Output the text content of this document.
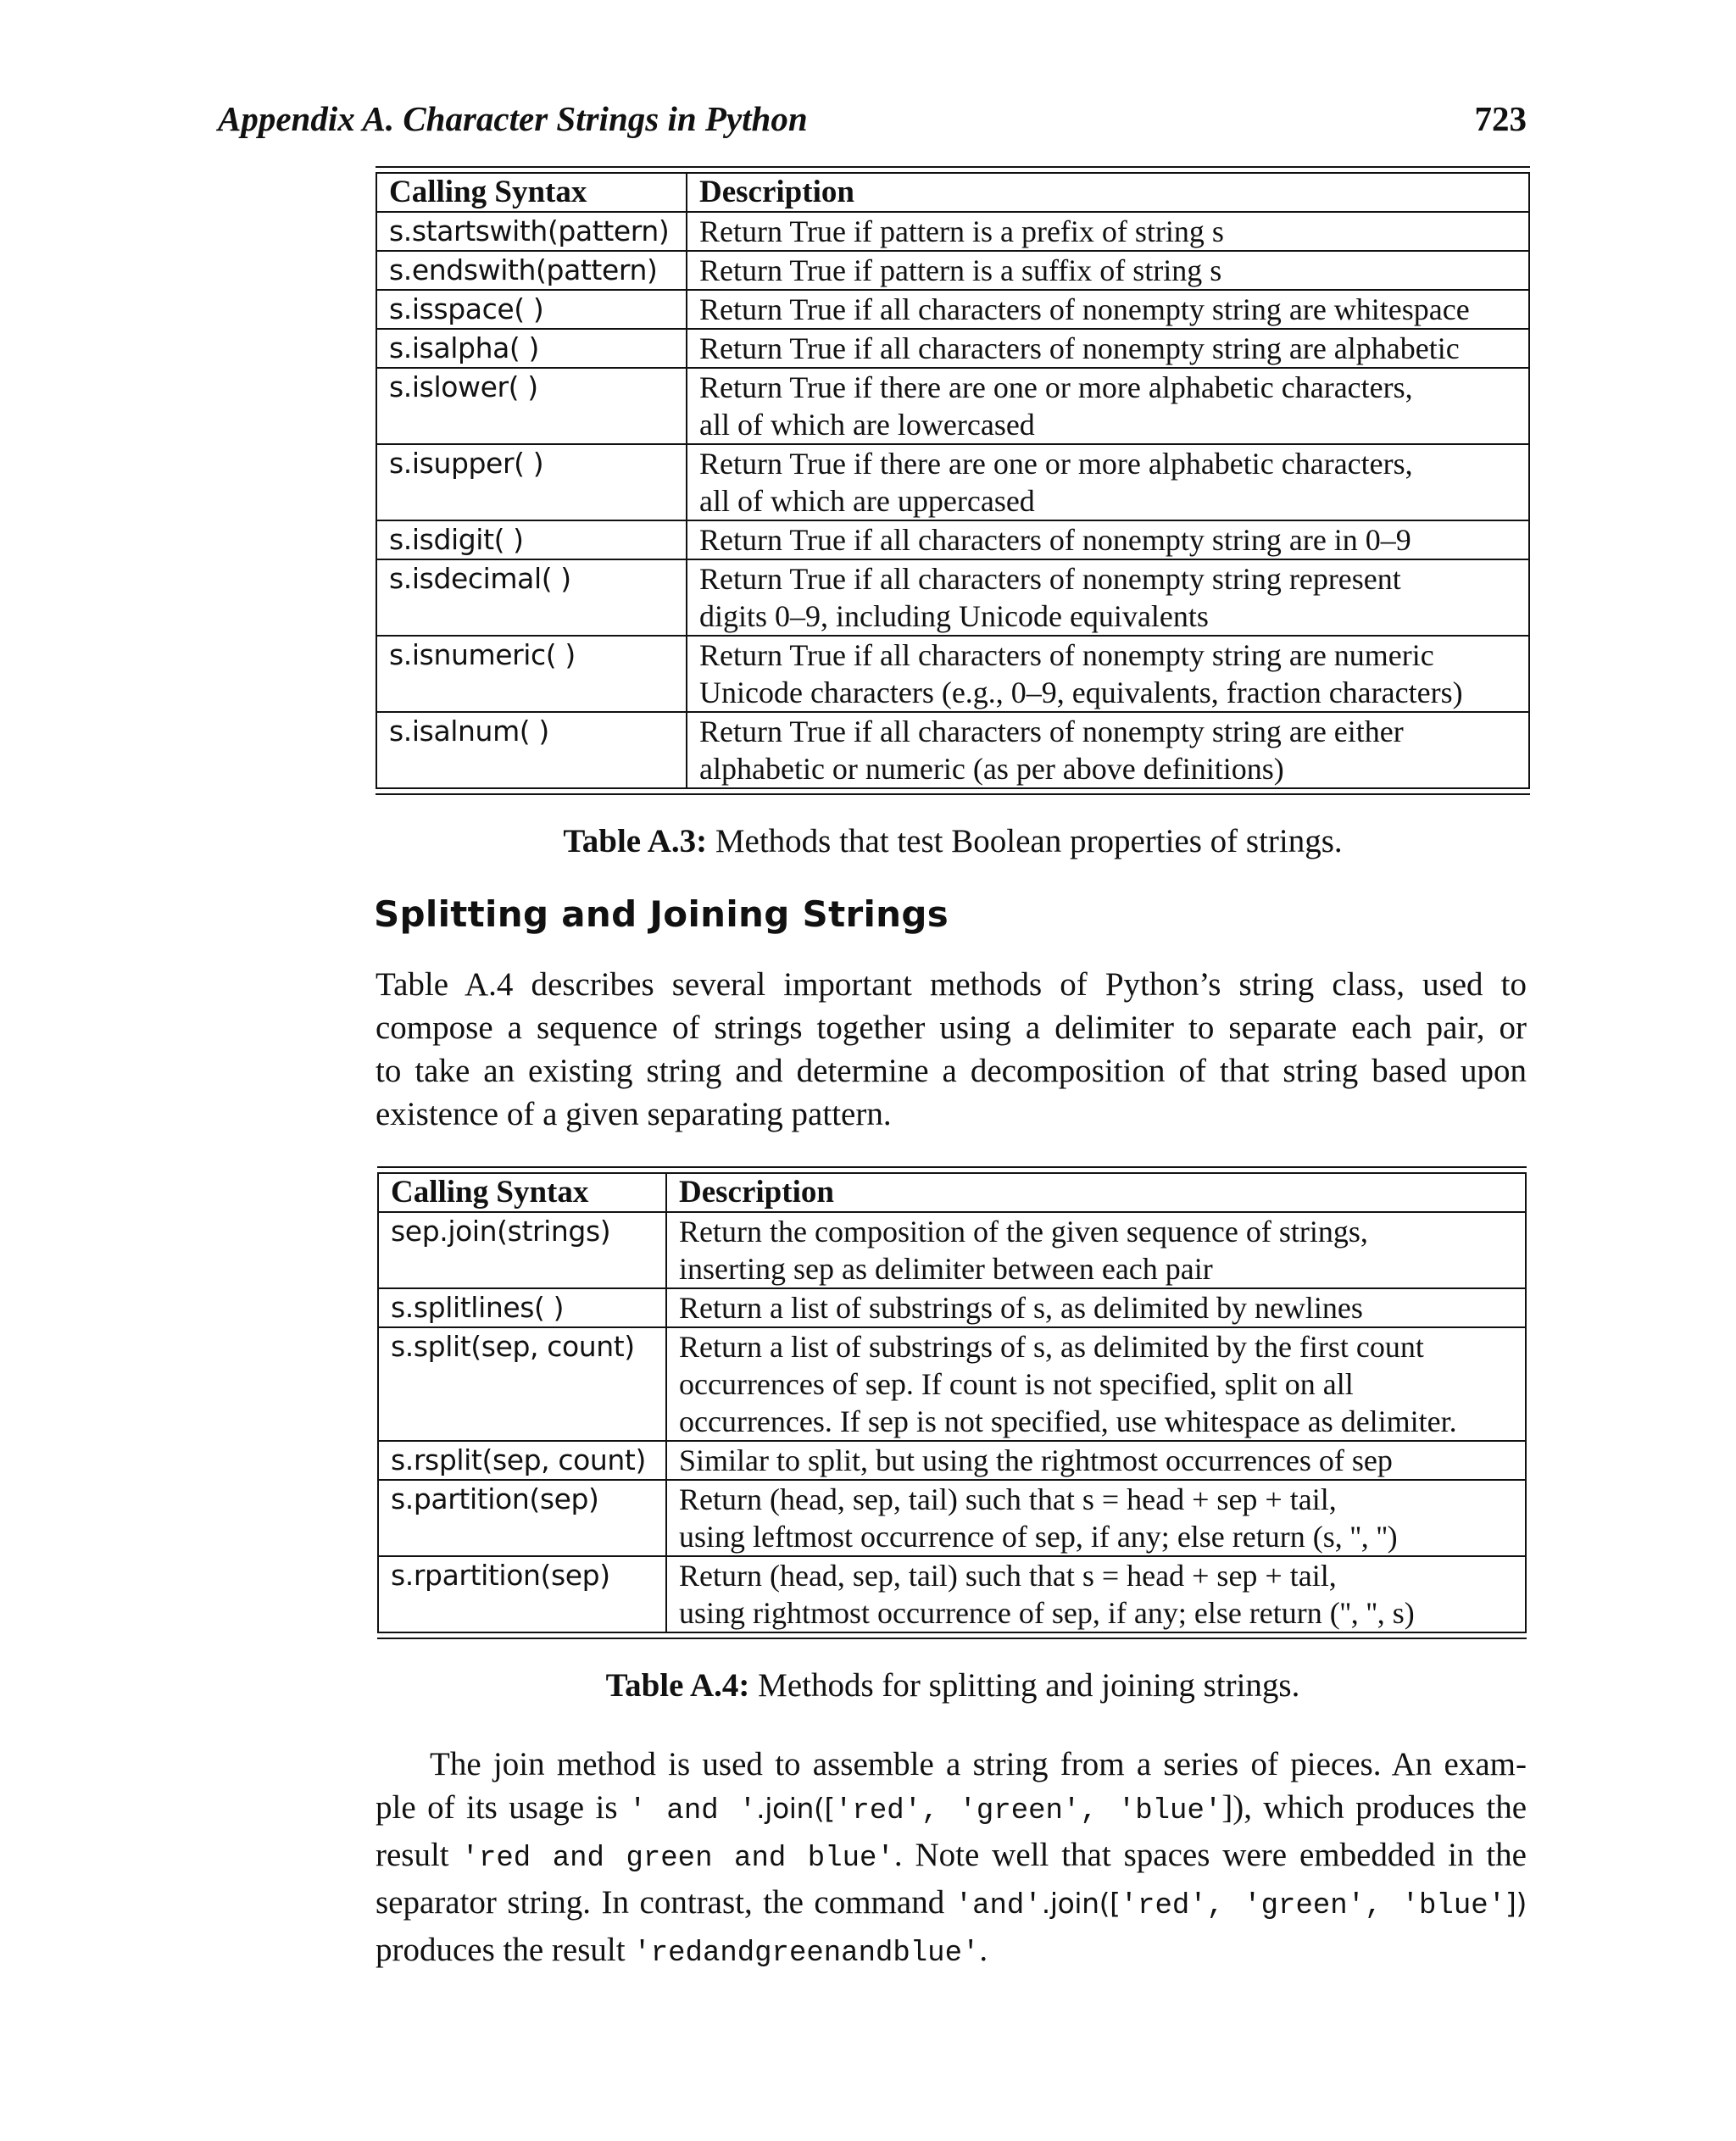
Appendix A. Character Strings in Python	723
Calling Syntax	Description
s.startswith(pattern)	Return True if pattern is a prefix of string s

s.endswith(pattern)	Return True if pattern is a suffix of string s

s.isspace( )	Return True if all characters of nonempty string are whitespace

s.isalpha( )	Return True if all characters of nonempty string are alphabetic

s.islower( )	Return True if there are one or more alphabetic characters,
all of which are lowercased

s.isupper( )	Return True if there are one or more alphabetic characters,
all of which are uppercased

s.isdigit( )	Return True if all characters of nonempty string are in 0–9

s.isdecimal( )	Return True if all characters of nonempty string represent
digits 0–9, including Unicode equivalents

s.isnumeric( )	Return True if all characters of nonempty string are numeric
Unicode characters (e.g., 0–9, equivalents, fraction characters)

s.isalnum( )	Return True if all characters of nonempty string are either
alphabetic or numeric (as per above definitions)
Table A.3: Methods that test Boolean properties of strings.
Splitting and Joining Strings
Table A.4 describes several important methods of Python’s string class, used to
compose a sequence of strings together using a delimiter to separate each pair, or
to take an existing string and determine a decomposition of that string based upon
existence of a given separating pattern.
Calling Syntax	Description
sep.join(strings)	Return the composition of the given sequence of strings,
inserting sep as delimiter between each pair

s.splitlines( )	Return a list of substrings of s, as delimited by newlines

s.split(sep, count)	Return a list of substrings of s, as delimited by the first count
occurrences of sep. If count is not specified, split on all
occurrences. If sep is not specified, use whitespace as delimiter.

s.rsplit(sep, count)	Similar to split, but using the rightmost occurrences of sep

s.partition(sep)	Return (head, sep, tail) such that s = head + sep + tail,
using leftmost occurrence of sep, if any; else return (s, '', '')

s.rpartition(sep)	Return (head, sep, tail) such that s = head + sep + tail,
using rightmost occurrence of sep, if any; else return ('', '', s)
Table A.4: Methods for splitting and joining strings.
The join method is used to assemble a string from a series of pieces. An exam-
ple of its usage is ' and '.join(['red', 'green', 'blue']), which produces the
result 'red and green and blue'. Note well that spaces were embedded in the
separator string. In contrast, the command 'and'.join(['red', 'green', 'blue'])
produces the result 'redandgreenandblue'.
